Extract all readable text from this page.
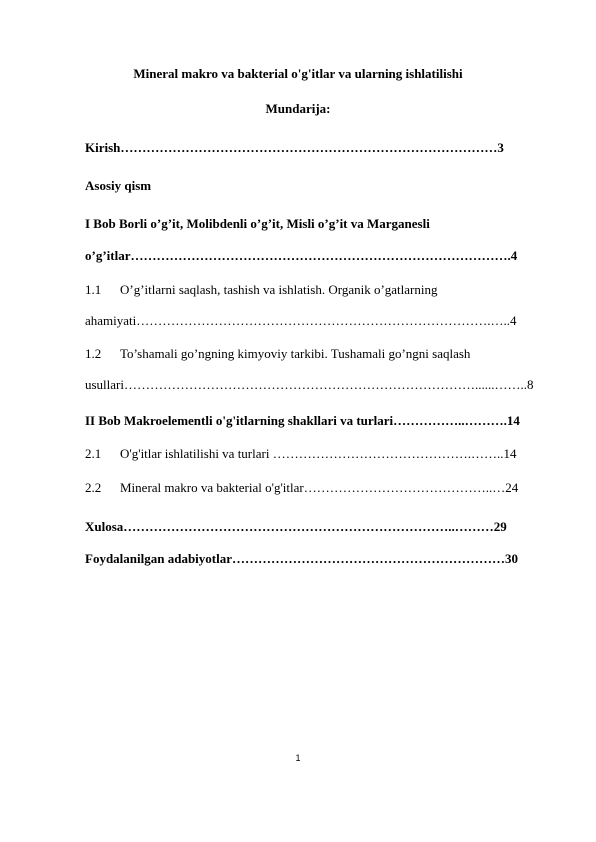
Mineral makro va bakterial o'g'itlar va ularning ishlatilishi
Mundarija:
Kirish……………………………………………………………………………3
Asosiy qism
I Bob Borli o’g’it, Molibdenli o’g’it, Misli o’g’it va Marganesli
o’g’itlar…………………………………………………………………………….4
1.1 O’g’itlarni saqlash, tashish va ishlatish. Organik o’gatlarning
ahamiyati……………………………………………………………………….…..4
1.2 To’shamali go’ngning kimyoviy tarkibi. Tushamali go’ngni saqlash
usullari………………………………………………………………………......……..8
II Bob Makroelementli o'g'itlarning shakllari va turlari……………..……….14
2.1 O'g'itlar ishlatilishi va turlari ……………………………………….……..14
2.2 Mineral makro va bakterial o'g'itlar……………………………………..…24
Xulosa…………………………………………………………………..………29
Foydalanilgan adabiyotlar………………………………………………………30
1
